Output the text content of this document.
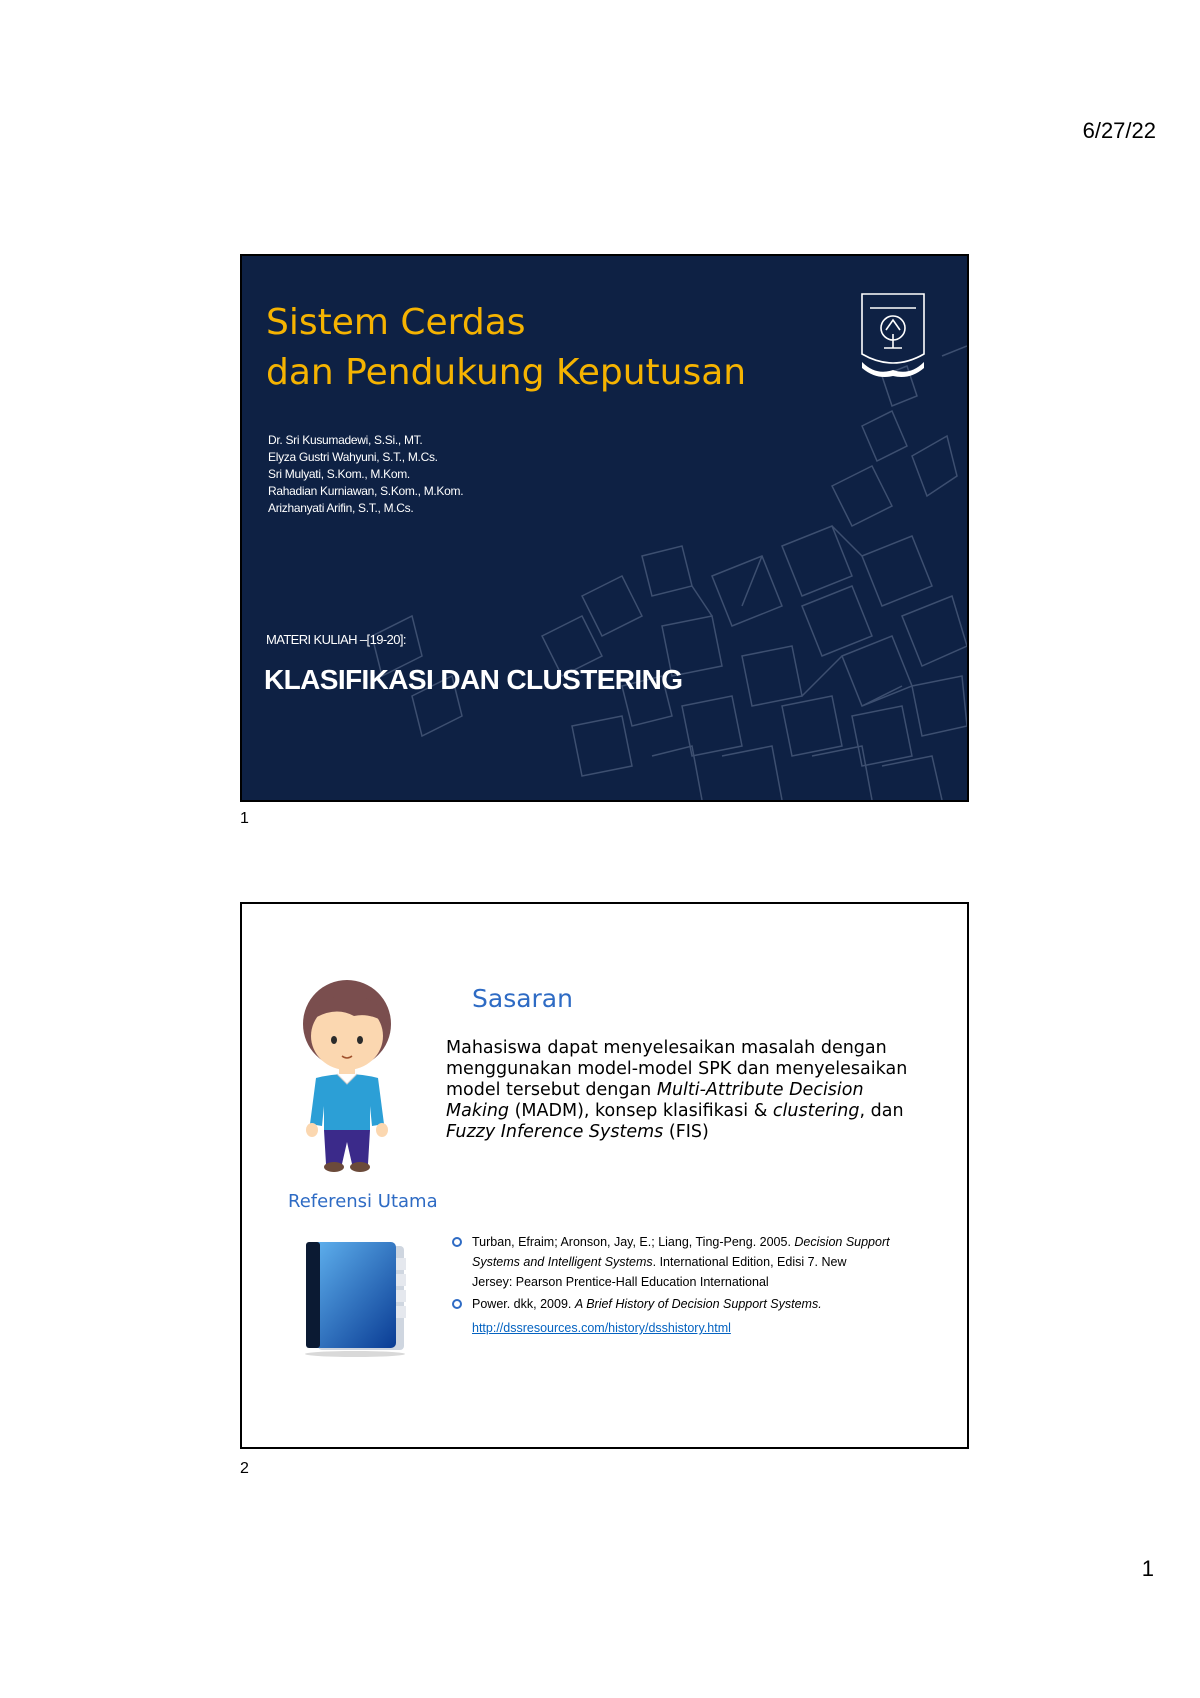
6/27/22
Sistem Cerdas
dan Pendukung Keputusan
Dr. Sri Kusumadewi, S.Si., MT.
Elyza Gustri Wahyuni, S.T., M.Cs.
Sri Mulyati, S.Kom., M.Kom.
Rahadian Kurniawan, S.Kom., M.Kom.
Arizhanyati Arifin, S.T., M.Cs.
MATERI KULIAH –[19-20]:
KLASIFIKASI DAN CLUSTERING
1
Sasaran

Mahasiswa dapat menyelesaikan masalah dengan
menggunakan model-model SPK dan menyelesaikan
model tersebut dengan Multi-Attribute Decision
Making (MADM), konsep klasifikasi & clustering, dan
Fuzzy Inference Systems (FIS)

Referensi Utama
Turban, Efraim; Aronson, Jay, E.; Liang, Ting-Peng. 2005. Decision Support
Systems and Intelligent Systems. International Edition, Edisi 7. New
Jersey: Pearson Prentice-Hall Education International
Power. dkk, 2009. A Brief History of Decision Support Systems.
http://dssresources.com/history/dsshistory.html
2
1
